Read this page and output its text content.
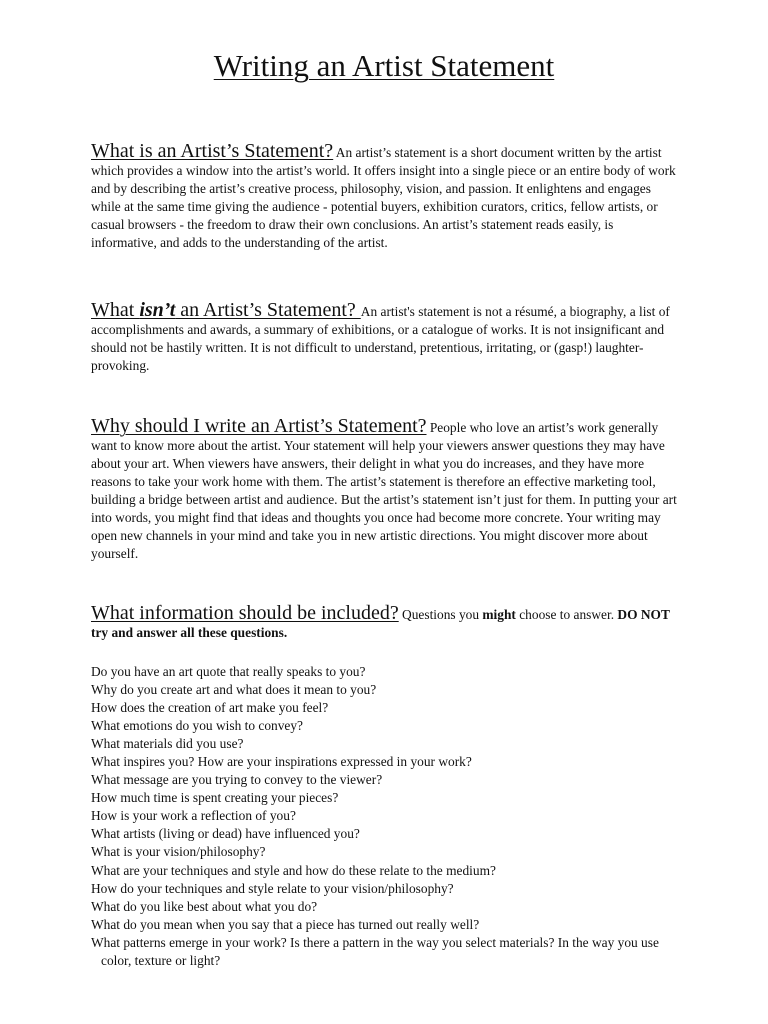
Writing an Artist Statement

What is an Artist’s Statement? An artist’s statement is a short document written by the artist which provides a window into the artist’s world. It offers insight into a single piece or an entire body of work and by describing the artist’s creative process, philosophy, vision, and passion. It enlightens and engages while at the same time giving the audience - potential buyers, exhibition curators, critics, fellow artists, or casual browsers - the freedom to draw their own conclusions. An artist’s statement reads easily, is informative, and adds to the understanding of the artist.

What isn’t an Artist’s Statement? An artist's statement is not a résumé, a biography, a list of accomplishments and awards, a summary of exhibitions, or a catalogue of works. It is not insignificant and should not be hastily written. It is not difficult to understand, pretentious, irritating, or (gasp!) laughter-provoking.

Why should I write an Artist’s Statement? People who love an artist’s work generally want to know more about the artist. Your statement will help your viewers answer questions they may have about your art. When viewers have answers, their delight in what you do increases, and they have more reasons to take your work home with them. The artist’s statement is therefore an effective marketing tool, building a bridge between artist and audience. But the artist’s statement isn’t just for them. In putting your art into words, you might find that ideas and thoughts you once had become more concrete. Your writing may open new channels in your mind and take you in new artistic directions. You might discover more about yourself.

What information should be included? Questions you might choose to answer. DO NOT try and answer all these questions.

Do you have an art quote that really speaks to you?
Why do you create art and what does it mean to you?
How does the creation of art make you feel?
What emotions do you wish to convey?
What materials did you use?
What inspires you? How are your inspirations expressed in your work?
What message are you trying to convey to the viewer?
How much time is spent creating your pieces?
How is your work a reflection of you?
What artists (living or dead) have influenced you?
What is your vision/philosophy?
What are your techniques and style and how do these relate to the medium?
How do your techniques and style relate to your vision/philosophy?
What do you like best about what you do?
What do you mean when you say that a piece has turned out really well?
What patterns emerge in your work? Is there a pattern in the way you select materials? In the way you use color, texture or light?
